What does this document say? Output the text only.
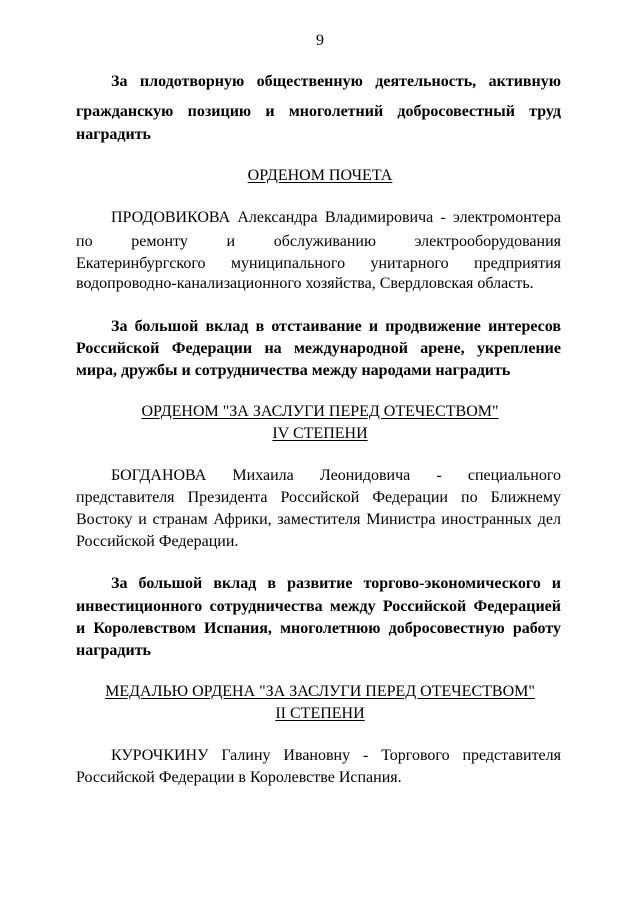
9
За плодотворную общественную деятельность, активную
гражданскую позицию и многолетний добросовестный труд
наградить
ОРДЕНОМ ПОЧЕТА
ПРОДОВИКОВА Александра Владимировича - электромонтера
по ремонту и обслуживанию электрооборудования
Екатеринбургского муниципального унитарного предприятия
водопроводно-канализационного хозяйства, Свердловская область.
За большой вклад в отстаивание и продвижение интересов
Российской Федерации на международной арене, укрепление
мира, дружбы и сотрудничества между народами наградить
ОРДЕНОМ "ЗА ЗАСЛУГИ ПЕРЕД ОТЕЧЕСТВОМ"
IV СТЕПЕНИ
БОГДАНОВА Михаила Леонидовича - специального
представителя Президента Российской Федерации по Ближнему
Востоку и странам Африки, заместителя Министра иностранных дел
Российской Федерации.
За большой вклад в развитие торгово-экономического и
инвестиционного сотрудничества между Российской Федерацией
и Королевством Испания, многолетнюю добросовестную работу
наградить
МЕДАЛЬЮ ОРДЕНА "ЗА ЗАСЛУГИ ПЕРЕД ОТЕЧЕСТВОМ"
II СТЕПЕНИ
КУРОЧКИНУ Галину Ивановну - Торгового представителя
Российской Федерации в Королевстве Испания.
